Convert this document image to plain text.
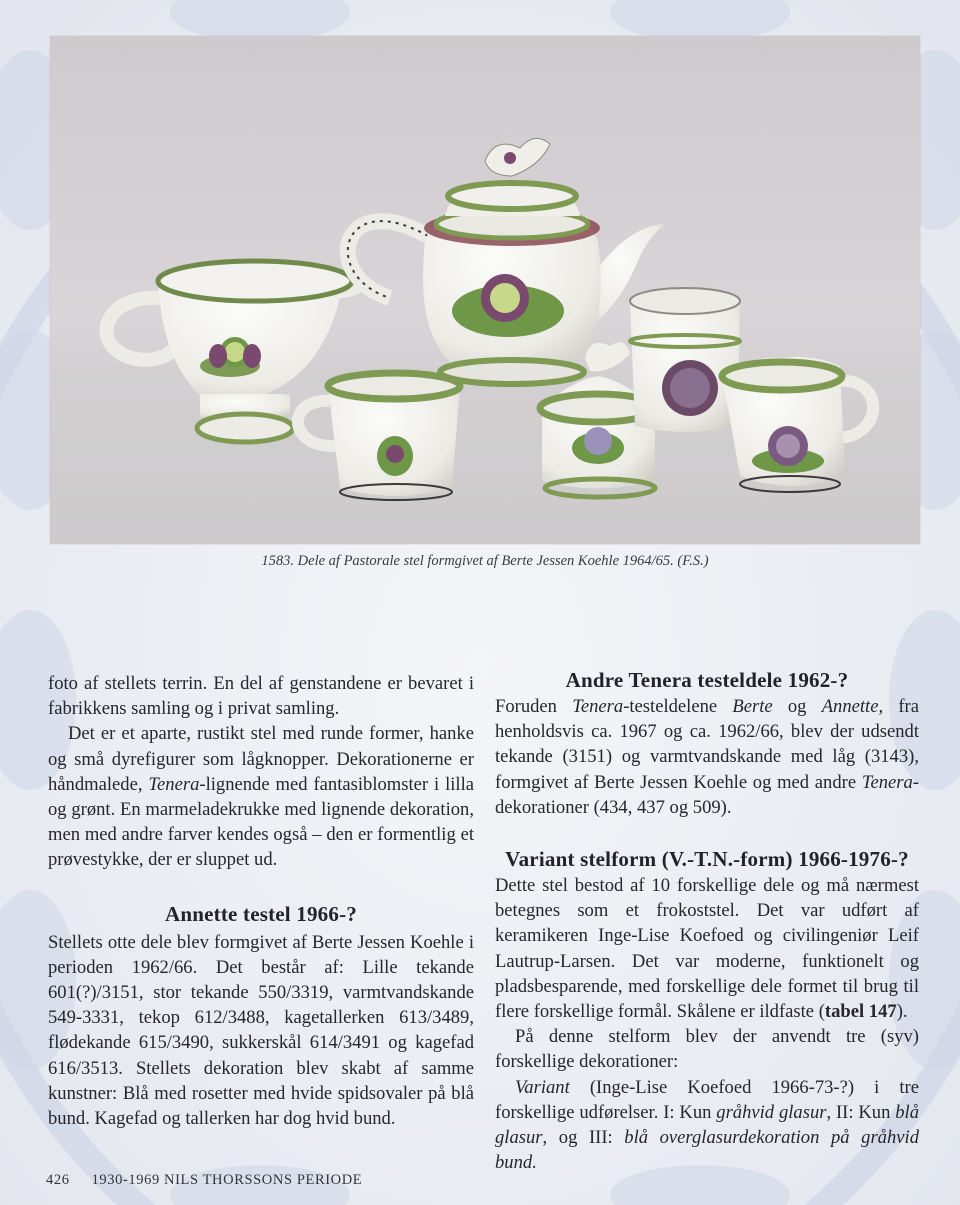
1583. Dele af Pastorale stel formgivet af Berte Jessen Koehle 1964/65. (F.S.)

foto af stellets terrin. En del af genstandene er bevaret i fabrikkens samling og i privat samling.

Det er et aparte, rustikt stel med runde former, hanke og små dyrefigurer som lågknopper. Dekorationerne er håndmalede, Tenera-lignende med fantasiblomster i lilla og grønt. En marmeladekrukke med lignende dekoration, men med andre farver kendes også – den er formentlig et prøvestykke, der er sluppet ud.

Annette testel 1966-?

Stellets otte dele blev formgivet af Berte Jessen Koehle i perioden 1962/66. Det består af: Lille tekande 601(?)/3151, stor tekande 550/3319, varmtvandskande 549-3331, tekop 612/3488, kagetallerken 613/3489, flødekande 615/3490, sukkerskål 614/3491 og kagefad 616/3513. Stellets dekoration blev skabt af samme kunstner: Blå med rosetter med hvide spidsovaler på blå bund. Kagefad og tallerken har dog hvid bund.

Andre Tenera testeldele 1962-?

Foruden Tenera-testeldelene Berte og Annette, fra henholdsvis ca. 1967 og ca. 1962/66, blev der udsendt tekande (3151) og varmtvandskande med låg (3143), formgivet af Berte Jessen Koehle og med andre Tenera-dekorationer (434, 437 og 509).

Variant stelform (V.-T.N.-form) 1966-1976-?

Dette stel bestod af 10 forskellige dele og må nærmest betegnes som et frokoststel. Det var udført af keramikeren Inge-Lise Koefoed og civilingeniør Leif Lautrup-Larsen. Det var moderne, funktionelt og pladsbesparende, med forskellige dele formet til brug til flere forskellige formål. Skålene er ildfaste (tabel 147).

På denne stelform blev der anvendt tre (syv) forskellige dekorationer:

Variant (Inge-Lise Koefoed 1966-73-?) i tre forskellige udførelser. I: Kun gråhvid glasur, II: Kun blå glasur, og III: blå overglasurdekoration på gråhvid bund.

426 1930-1969 NILS THORSSONS PERIODE
